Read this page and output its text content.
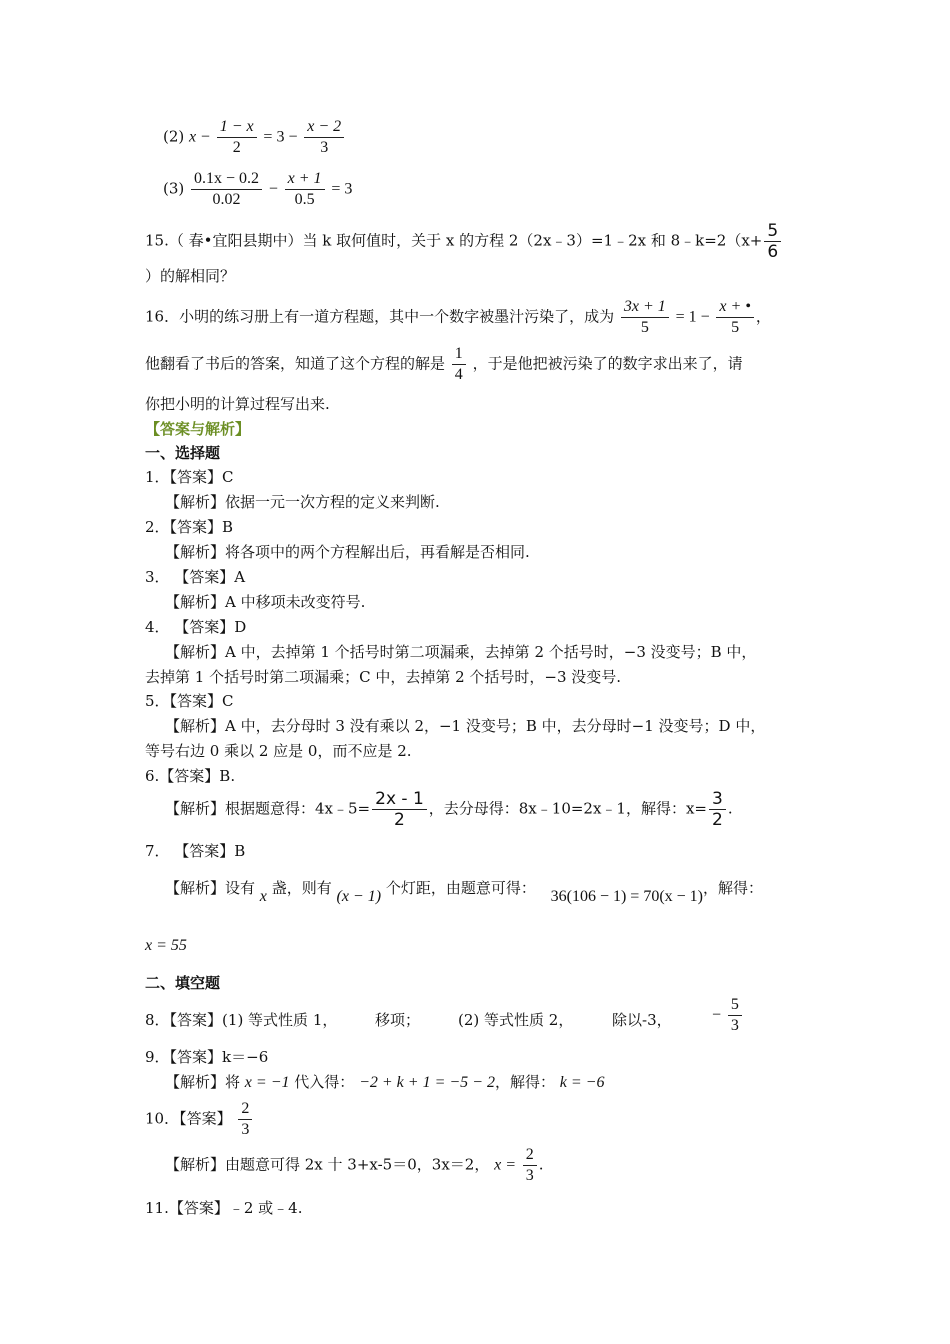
(2) $x - \frac{1 - x}{2} = 3 - \frac{x - 2}{3}$
$(3) \frac{0.1x - 0.2}{0.02} - \frac{x + 1}{0.5} = 3$
15.（ 春•宜阳县期中）当 k 取何值时，关于 x 的方程 2（2x﹣3）=1﹣2x 和 8﹣k=2（x+ $\frac{5}{6}$
）的解相同？
16．小明的练习册上有一道方程题，其中一个数字被墨汁污染了，成为 $\frac{3x + 1}{5} = 1 - \frac{x + •}{5}$ ，
他翻看了书后的答案，知道了这个方程的解是 $\frac{1}{4}$ ，于是他把被污染了的数字求出来了，请
你把小明的计算过程写出来.
【答案与解析】
一、选择题
1．【答案】C
【解析】依据一元一次方程的定义来判断.
2．【答案】B
【解析】将各项中的两个方程解出后，再看解是否相同.
3． 【答案】A
【解析】A 中移项未改变符号.
4． 【答案】D
【解析】A 中，去掉第 1 个括号时第二项漏乘，去掉第 2 个括号时，−3 没变号；B 中，
去掉第 1 个括号时第二项漏乘；C 中，去掉第 2 个括号时，−3 没变号.
5．【答案】C
【解析】A 中，去分母时 3 没有乘以 2，−1 没变号；B 中，去分母时−1 没变号；D 中，
等号右边 0 乘以 2 应是 0，而不应是 2.
6.【答案】B.
【解析】根据题意得：4x﹣5= $\frac{2x - 1}{2}$ ，去分母得：8x﹣10=2x﹣1，解得：$x= \frac{3}{2}$ .
7． 【答案】B
【解析】设有 x 盏，则有 (x − 1) 个灯距，由题意可得： 36(106 − 1) = 70(x − 1)，解得：
x = 55
二、填空题
8．【答案】(1) 等式性质 1，	移项；	(2) 等式性质 2，	除以-3，	− $\frac{5}{3}$
9．【答案】k＝−6
【解析】将 x = −1 代入得： −2 + k + 1 = −5 − 2，解得： k = −6
10．【答案】 $\frac{2}{3}$
【解析】由题意可得 2x 十 3+x-5＝0，3x＝2， $x = \frac{2}{3}$ .
11.【答案】﹣2 或﹣4.
